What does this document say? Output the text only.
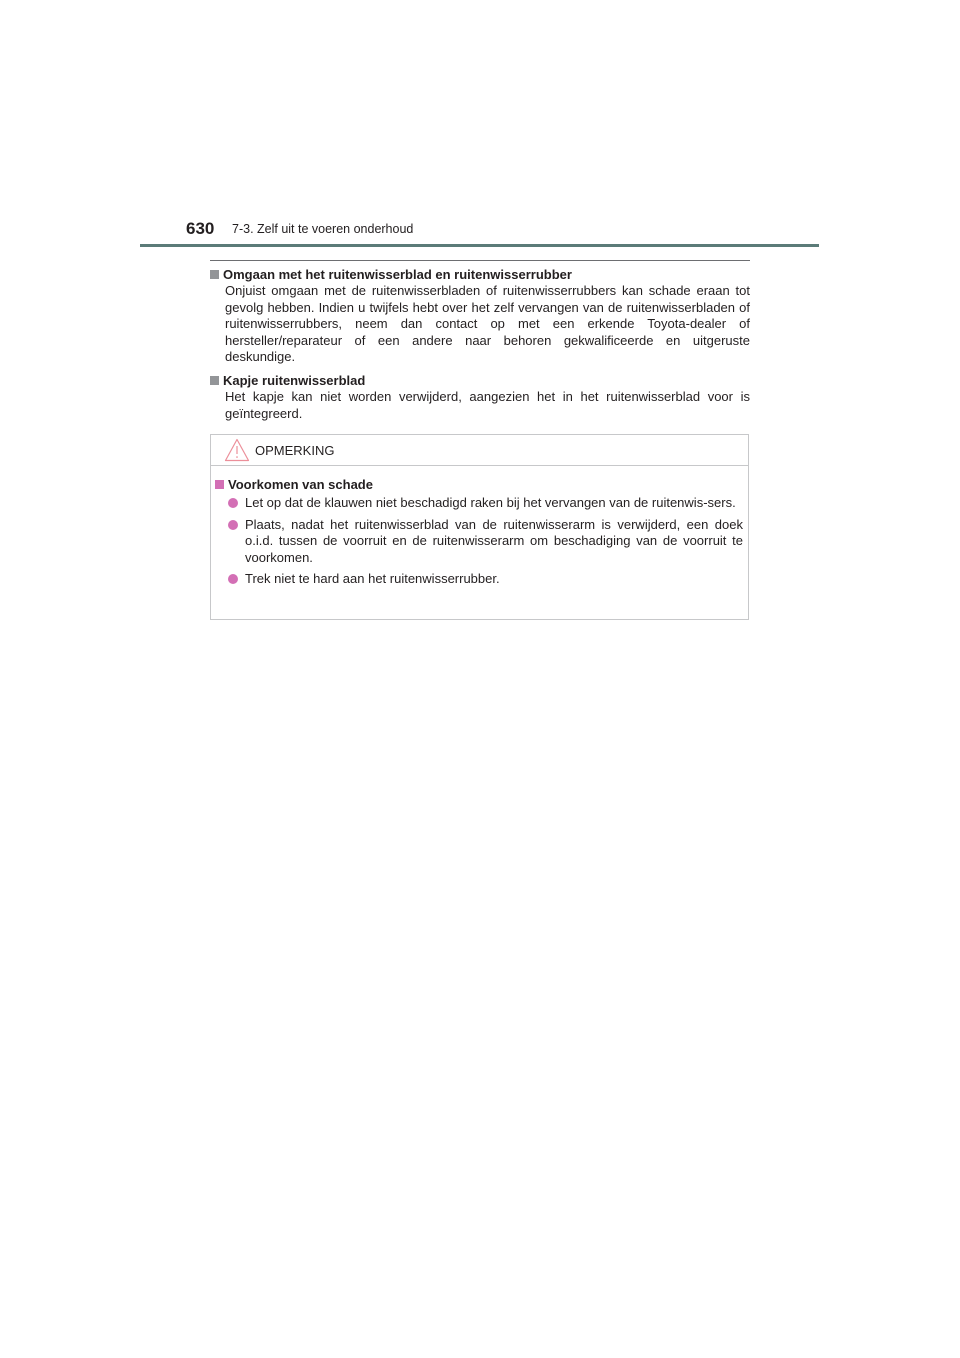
630 7-3. Zelf uit te voeren onderhoud
Omgaan met het ruitenwisserblad en ruitenwisserrubber
Onjuist omgaan met de ruitenwisserbladen of ruitenwisserrubbers kan schade eraan tot gevolg hebben. Indien u twijfels hebt over het zelf vervangen van de ruitenwisserbladen of ruitenwisserrubbers, neem dan contact op met een erkende Toyota-dealer of hersteller/reparateur of een andere naar behoren gekwalificeerde en uitgeruste deskundige.
Kapje ruitenwisserblad
Het kapje kan niet worden verwijderd, aangezien het in het ruitenwisserblad voor is geïntegreerd.
OPMERKING
Voorkomen van schade
Let op dat de klauwen niet beschadigd raken bij het vervangen van de ruitenwis-sers.
Plaats, nadat het ruitenwisserblad van de ruitenwisserarm is verwijderd, een doek o.i.d. tussen de voorruit en de ruitenwisserarm om beschadiging van de voorruit te voorkomen.
Trek niet te hard aan het ruitenwisserrubber.
